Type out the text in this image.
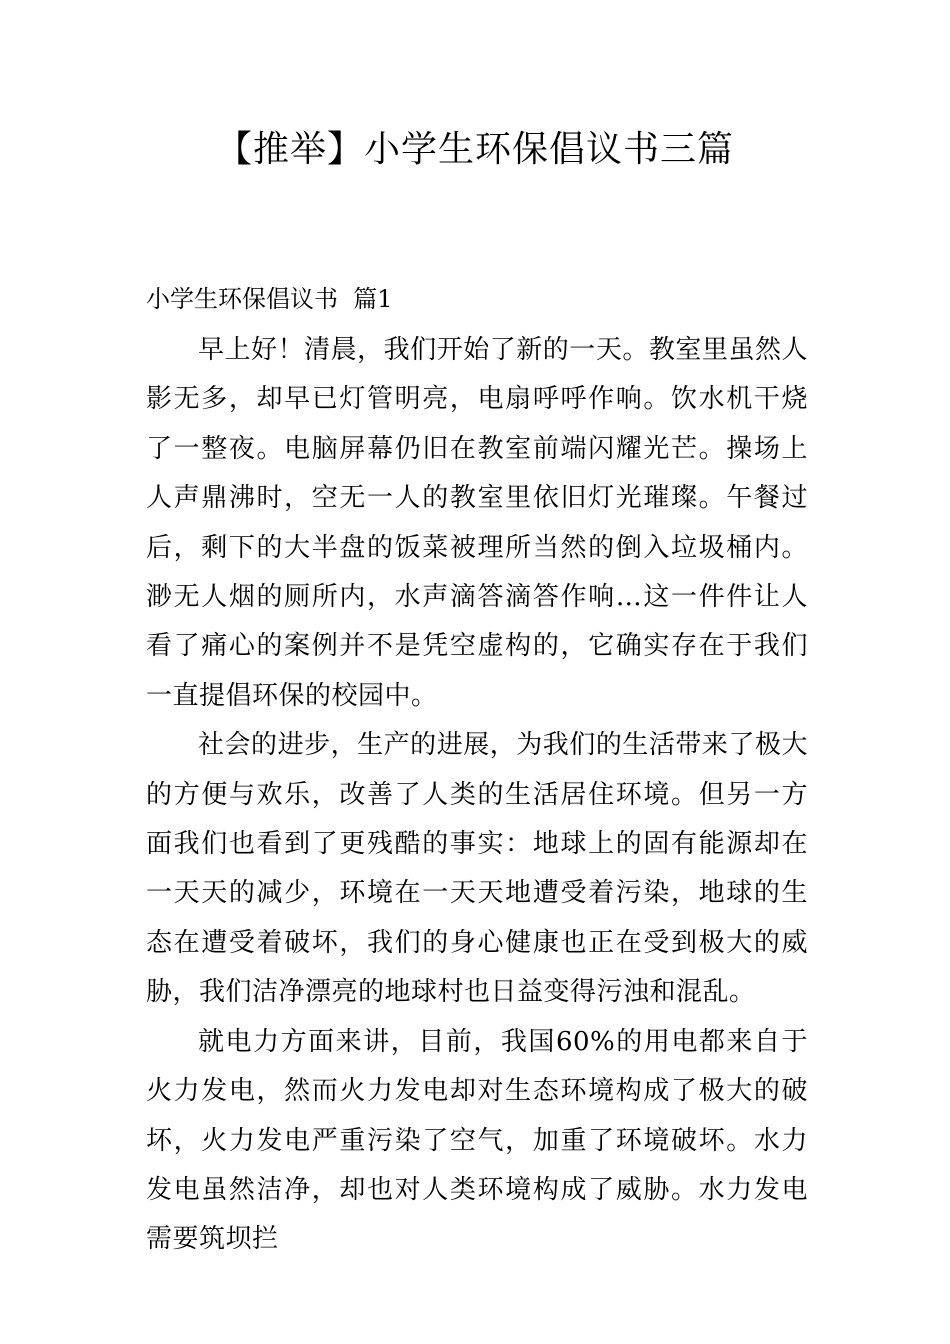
【推举】小学生环保倡议书三篇
小学生环保倡议书  篇1

早上好！清晨，我们开始了新的一天。教室里虽然人影无多，却早已灯管明亮，电扇呼呼作响。饮水机干烧了一整夜。电脑屏幕仍旧在教室前端闪耀光芒。操场上人声鼎沸时，空无一人的教室里依旧灯光璀璨。午餐过后，剩下的大半盘的饭菜被理所当然的倒入垃圾桶内。渺无人烟的厕所内，水声滴答滴答作响…这一件件让人看了痛心的案例并不是凭空虚构的，它确实存在于我们一直提倡环保的校园中。

社会的进步，生产的进展，为我们的生活带来了极大的方便与欢乐，改善了人类的生活居住环境。但另一方面我们也看到了更残酷的事实：地球上的固有能源却在一天天的减少，环境在一天天地遭受着污染，地球的生态在遭受着破坏，我们的身心健康也正在受到极大的威胁，我们洁净漂亮的地球村也日益变得污浊和混乱。

就电力方面来讲，目前，我国60%的用电都来自于火力发电，然而火力发电却对生态环境构成了极大的破坏，火力发电严重污染了空气，加重了环境破坏。水力发电虽然洁净，却也对人类环境构成了威胁。水力发电需要筑坝拦
